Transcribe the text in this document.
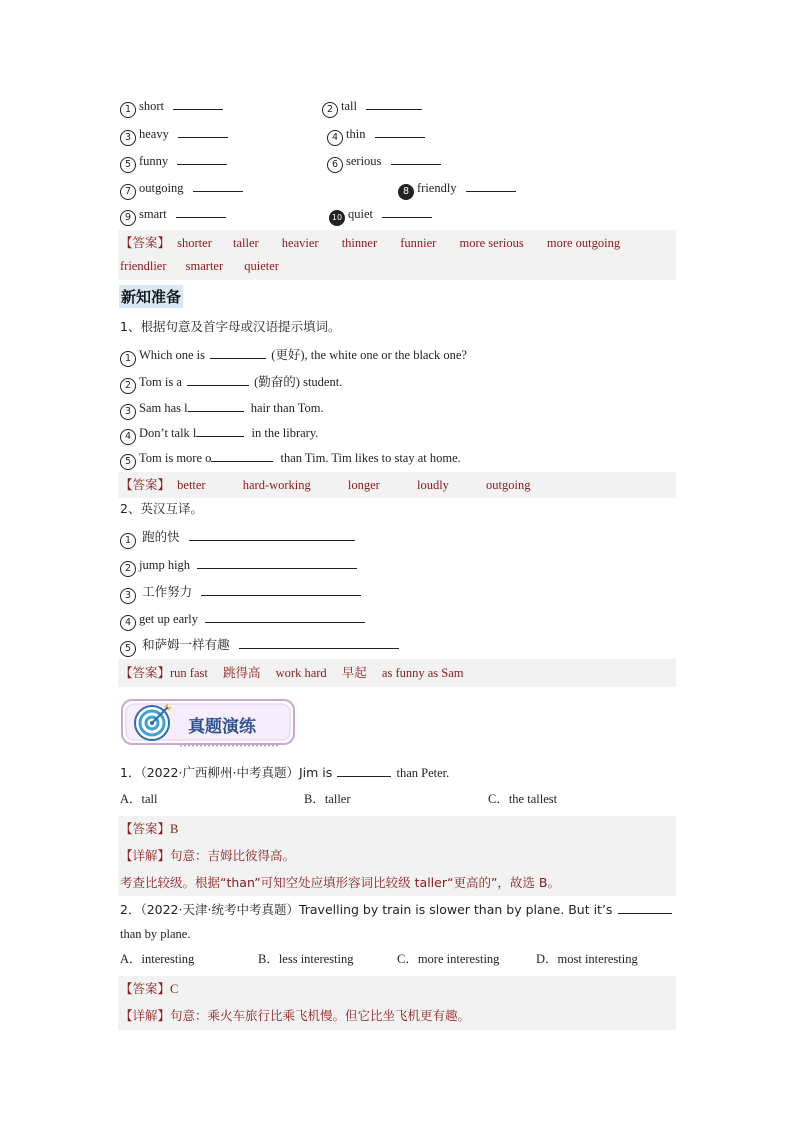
1 short	2 tall
3 heavy	4 thin
5 funny	6 serious
7 outgoing	8 friendly
9 smart	10 quiet
【答案】 shorter taller heavier thinner funnier more serious more outgoing
friendlier smarter quieter
新知准备
1、根据句意及首字母或汉语提示填词。
1 Which one is	(更好), the white one or the black one?
2 Tom is a	(勤奋的) student.
3 Sam has l	hair than Tom.
4 Don’t talk l	in the library.
5 Tom is more o	than Tim. Tim likes to stay at home.
【答案】 better	hard-working	longer	loudly	outgoing
2、英汉互译。
1 跑的快
2 jump high
3 工作努力
4 get up early
5 和萨姆一样有趣
【答案】run fast 跳得高 work hard 早起 as funny as Sam
真题演练
1．（2022·广西柳州·中考真题）Jim is	than Peter.
A．tall	B．taller	C．the tallest
【答案】B
【详解】句意：吉姆比彼得高。
考查比较级。根据“than”可知空处应填形容词比较级 taller“更高的”，故选 B。
2．（2022·天津·统考中考真题）Travelling by train is slower than by plane. But it’s
than by plane.
A．interesting	B．less interesting	C．more interesting	D．most interesting
【答案】C
【详解】句意：乘火车旅行比乘飞机慢。但它比坐飞机更有趣。
